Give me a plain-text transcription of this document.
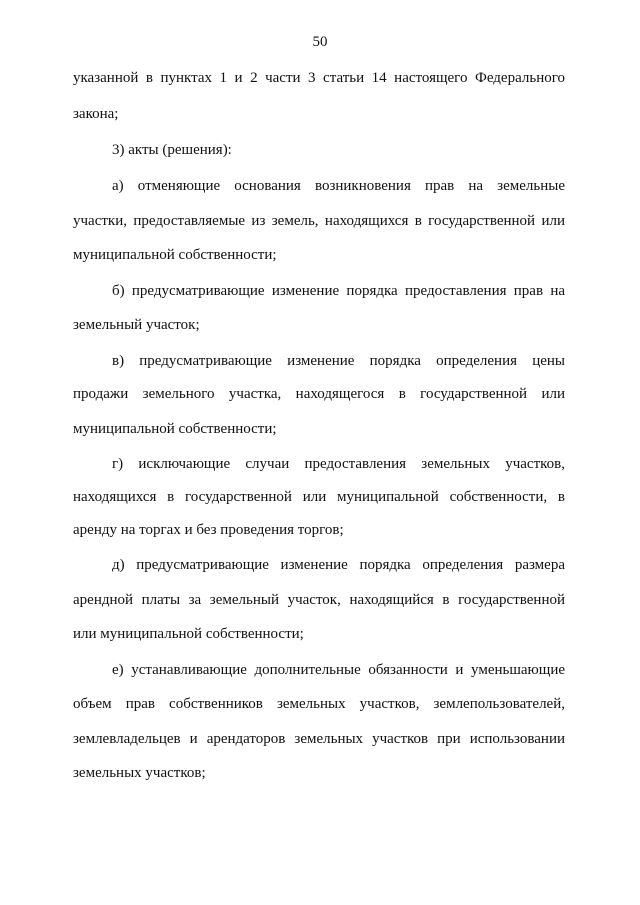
50
указанной в пунктах 1 и 2 части 3 статьи 14 настоящего Федерального
закона;
3) акты (решения):
а) отменяющие основания возникновения прав на земельные
участки, предоставляемые из земель, находящихся в государственной или
муниципальной собственности;
б) предусматривающие изменение порядка предоставления прав на
земельный участок;
в) предусматривающие изменение порядка определения цены
продажи земельного участка, находящегося в государственной или
муниципальной собственности;
г) исключающие случаи предоставления земельных участков,
находящихся в государственной или муниципальной собственности, в
аренду на торгах и без проведения торгов;
д) предусматривающие изменение порядка определения размера
арендной платы за земельный участок, находящийся в государственной
или муниципальной собственности;
е) устанавливающие дополнительные обязанности и уменьшающие
объем прав собственников земельных участков, землепользователей,
землевладельцев и арендаторов земельных участков при использовании
земельных участков;
